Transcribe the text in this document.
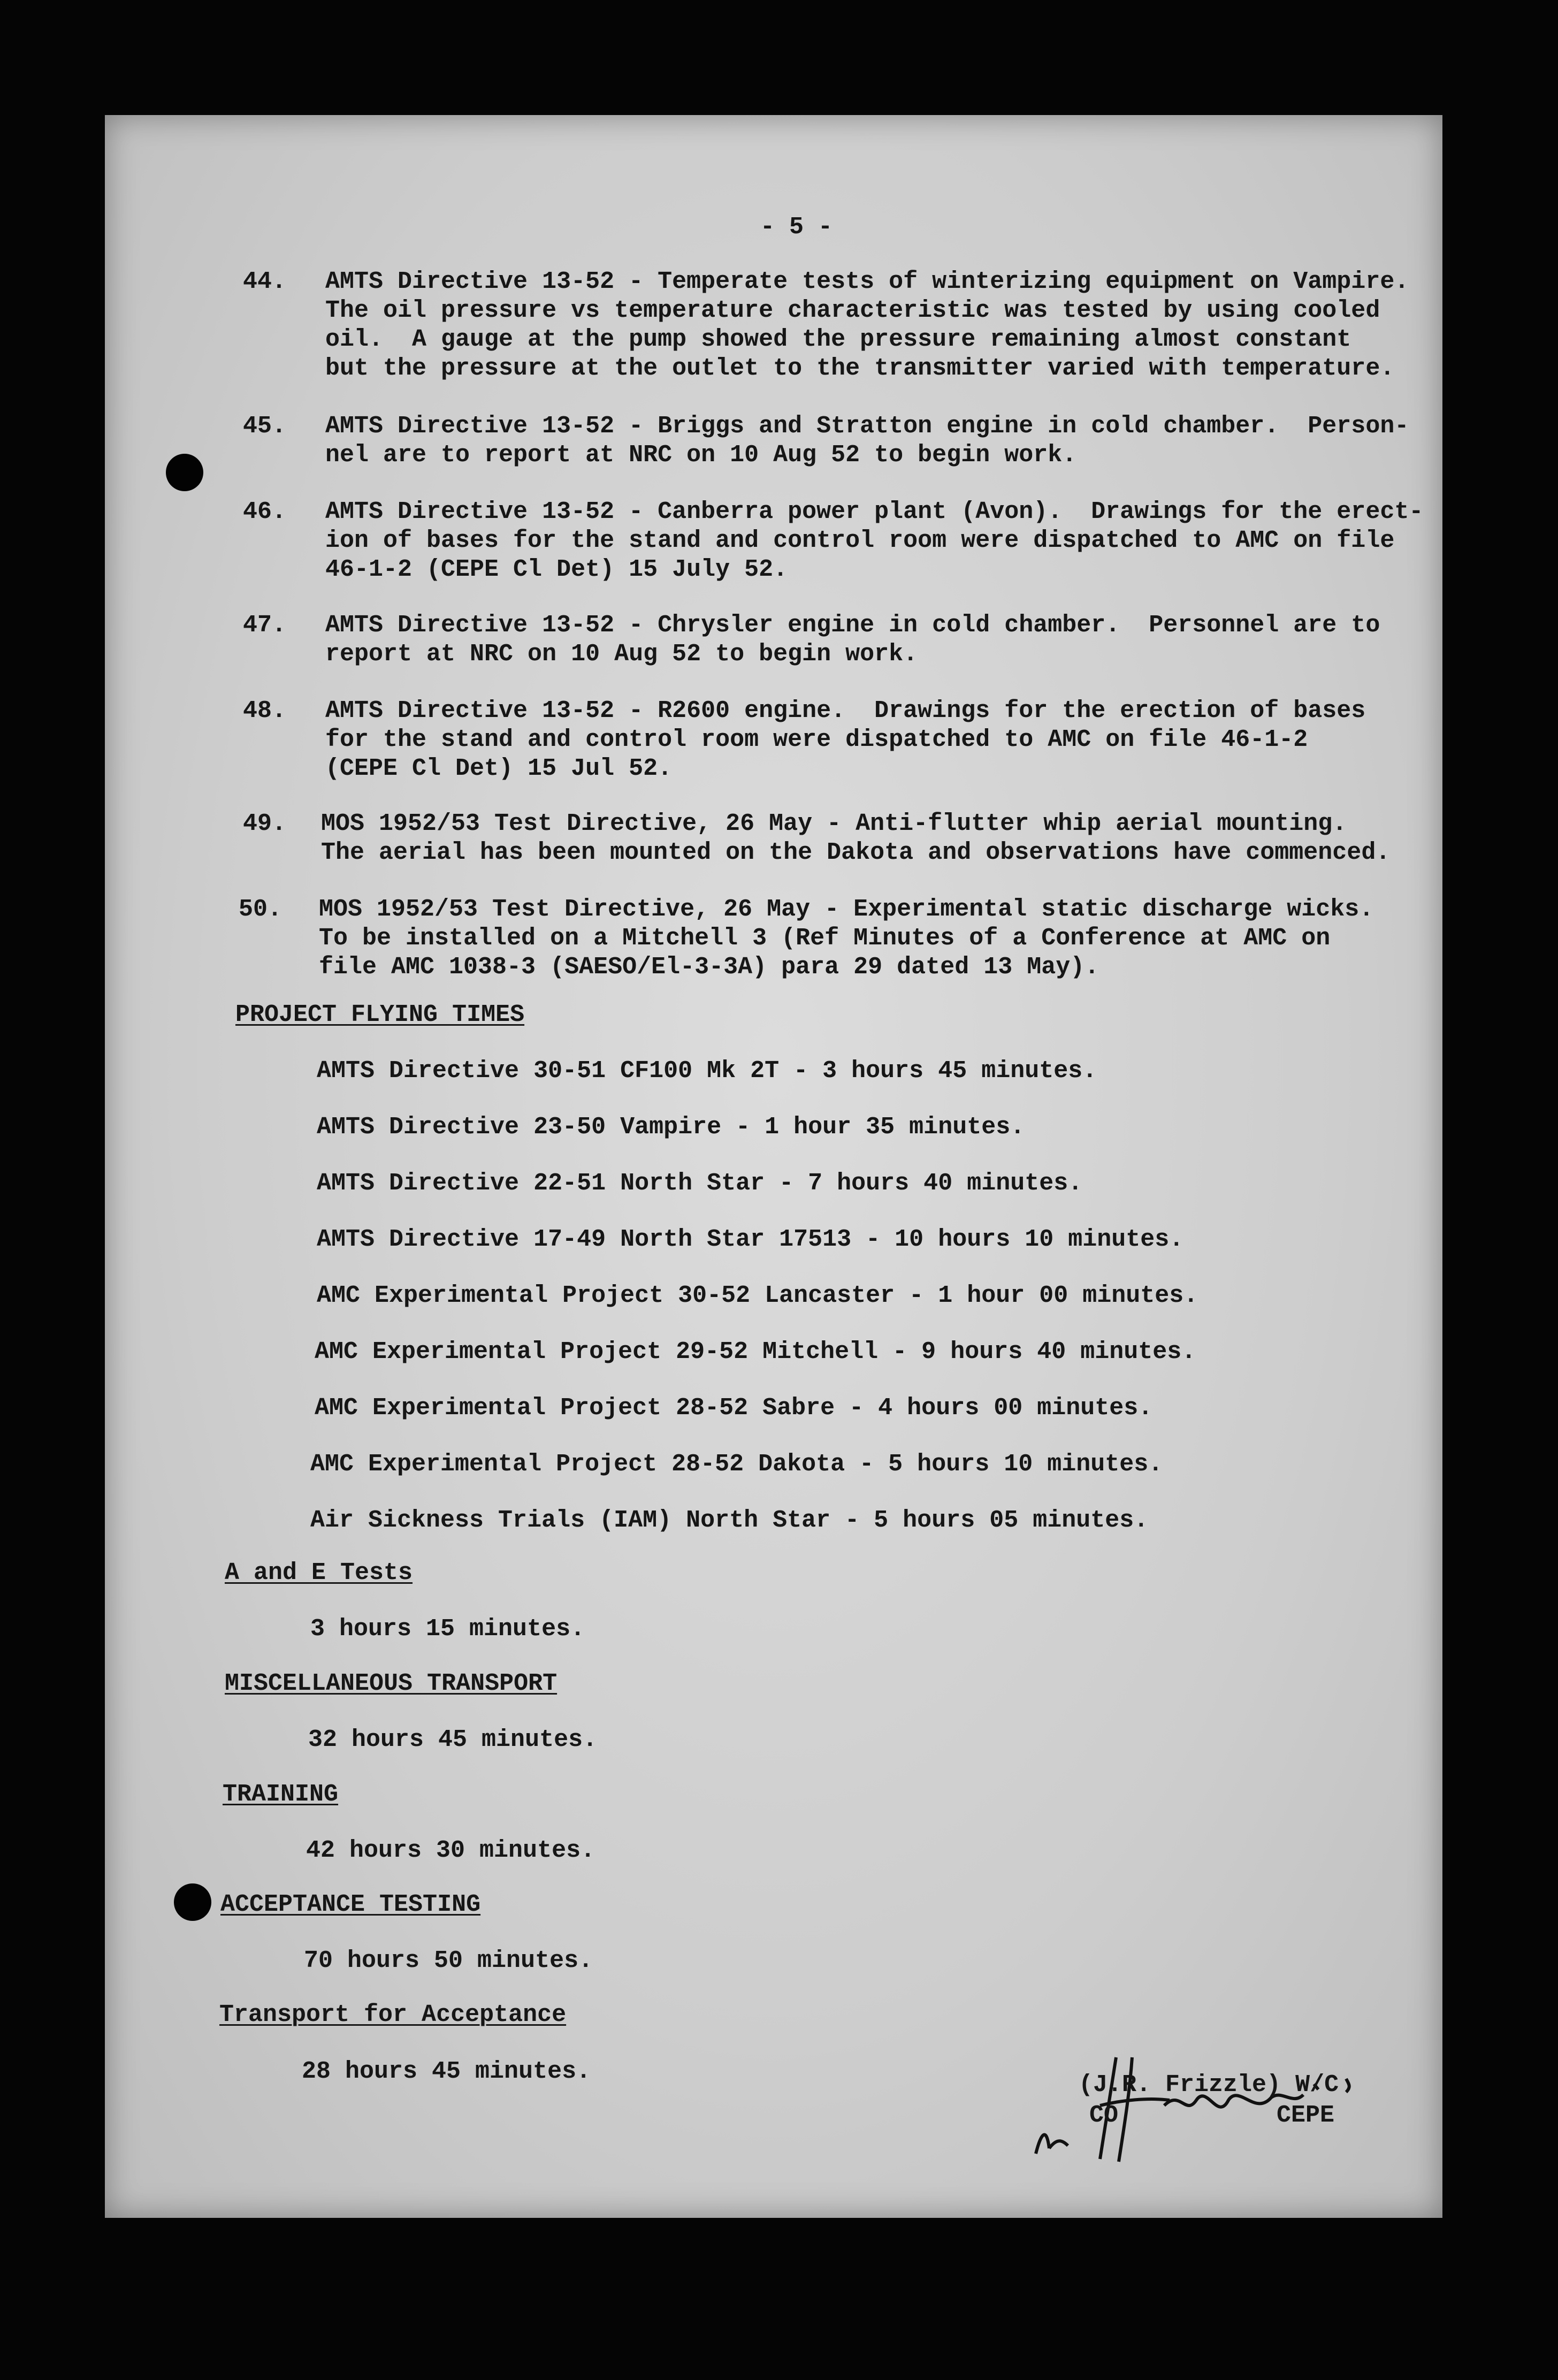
- 5 -
44. AMTS Directive 13-52 - Temperate tests of winterizing equipment on Vampire.
The oil pressure vs temperature characteristic was tested by using cooled
oil.  A gauge at the pump showed the pressure remaining almost constant
but the pressure at the outlet to the transmitter varied with temperature.
45. AMTS Directive 13-52 - Briggs and Stratton engine in cold chamber.  Person-
nel are to report at NRC on 10 Aug 52 to begin work.
46. AMTS Directive 13-52 - Canberra power plant (Avon).  Drawings for the erect-
ion of bases for the stand and control room were dispatched to AMC on file
46-1-2 (CEPE Cl Det) 15 July 52.
47. AMTS Directive 13-52 - Chrysler engine in cold chamber.  Personnel are to
report at NRC on 10 Aug 52 to begin work.
48. AMTS Directive 13-52 - R2600 engine.  Drawings for the erection of bases
for the stand and control room were dispatched to AMC on file 46-1-2
(CEPE Cl Det) 15 Jul 52.
49. MOS 1952/53 Test Directive, 26 May - Anti-flutter whip aerial mounting.
The aerial has been mounted on the Dakota and observations have commenced.
50. MOS 1952/53 Test Directive, 26 May - Experimental static discharge wicks.
To be installed on a Mitchell 3 (Ref Minutes of a Conference at AMC on
file AMC 1038-3 (SAESO/El-3-3A) para 29 dated 13 May).
PROJECT FLYING TIMES
AMTS Directive 30-51 CF100 Mk 2T - 3 hours 45 minutes.
AMTS Directive 23-50 Vampire - 1 hour 35 minutes.
AMTS Directive 22-51 North Star - 7 hours 40 minutes.
AMTS Directive 17-49 North Star 17513 - 10 hours 10 minutes.
AMC Experimental Project 30-52 Lancaster - 1 hour 00 minutes.
AMC Experimental Project 29-52 Mitchell - 9 hours 40 minutes.
AMC Experimental Project 28-52 Sabre - 4 hours 00 minutes.
AMC Experimental Project 28-52 Dakota - 5 hours 10 minutes.
Air Sickness Trials (IAM) North Star - 5 hours 05 minutes.
A and E Tests
3 hours 15 minutes.
MISCELLANEOUS TRANSPORT
32 hours 45 minutes.
TRAINING
42 hours 30 minutes.
ACCEPTANCE TESTING
70 hours 50 minutes.
Transport for Acceptance
28 hours 45 minutes.	(J.R. Frizzle) W/C
CO	CEPE
